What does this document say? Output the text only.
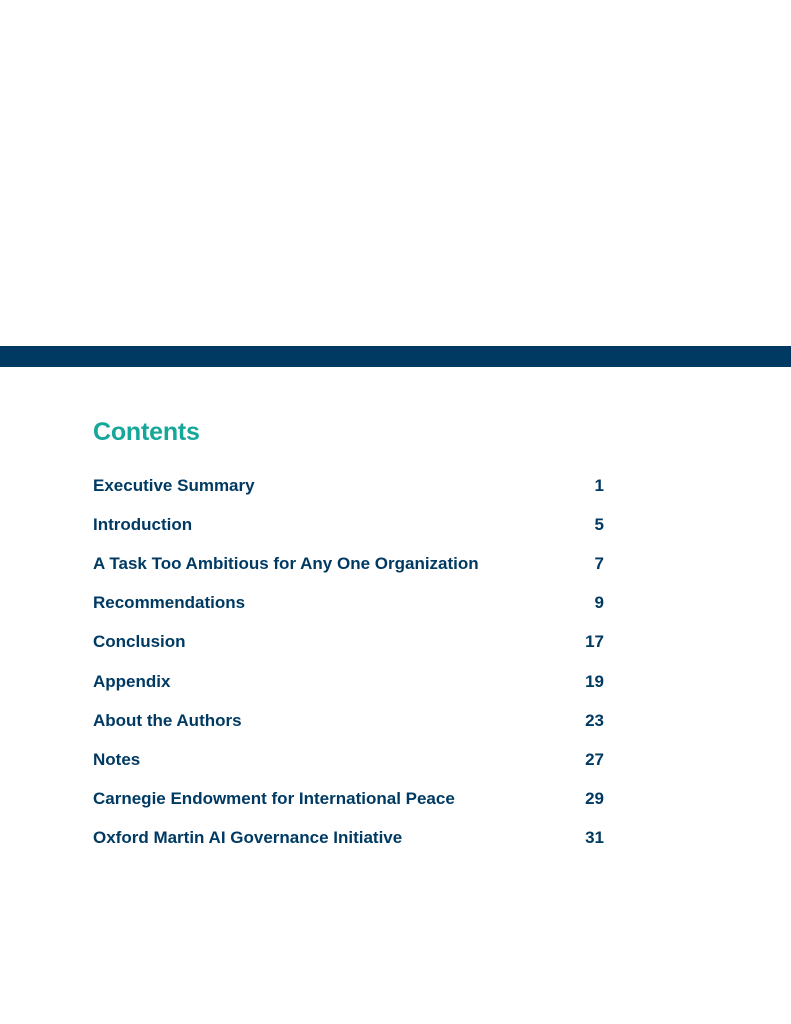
Contents
Executive Summary	1
Introduction	5
A Task Too Ambitious for Any One Organization	7
Recommendations	9
Conclusion	17
Appendix	19
About the Authors	23
Notes	27
Carnegie Endowment for International Peace	29
Oxford Martin AI Governance Initiative	31
